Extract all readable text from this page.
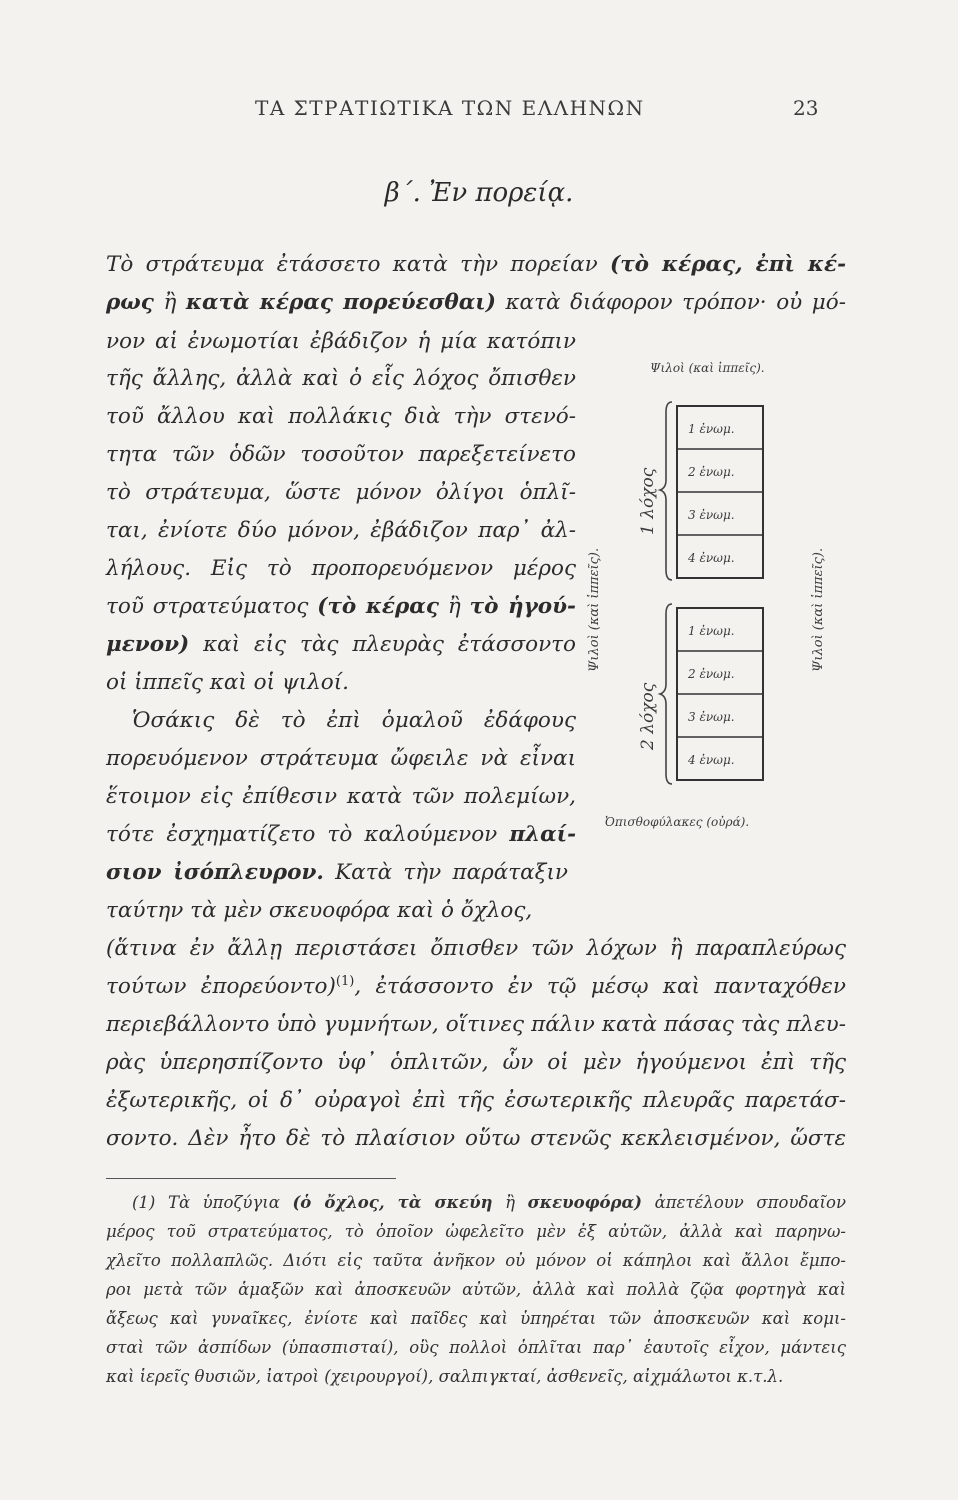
ΤΑ ΣΤΡΑΤΙΩΤΙΚΑ ΤΩΝ ΕΛΛΗΝΩΝ	23
β΄. Ἐν πορείᾳ.
Τὸ στράτευμα ἐτάσσετο κατὰ τὴν πορείαν (τὸ κέρας, ἐπὶ κέ-
ρως ἢ κατὰ κέρας πορεύεσθαι) κατὰ διάφορον τρόπον· οὐ μό-
νον αἱ ἐνωμοτίαι ἐβάδιζον ἡ μία κατόπιν
τῆς ἄλλης, ἀλλὰ καὶ ὁ εἷς λόχος ὄπισθεν
τοῦ ἄλλου καὶ πολλάκις διὰ τὴν στενό-
τητα τῶν ὁδῶν τοσοῦτον παρεξετείνετο
τὸ στράτευμα, ὥστε μόνον ὀλίγοι ὁπλῖ-
ται, ἐνίοτε δύο μόνον, ἐβάδιζον παρ᾽ ἀλ-
λήλους. Εἰς τὸ προπορευόμενον μέρος
τοῦ στρατεύματος (τὸ κέρας ἢ τὸ ἡγού-
μενον) καὶ εἰς τὰς πλευρὰς ἐτάσσοντο
οἱ ἱππεῖς καὶ οἱ ψιλοί.
Ὁσάκις δὲ τὸ ἐπὶ ὁμαλοῦ ἐδάφους
πορευόμενον στράτευμα ὤφειλε νὰ εἶναι
ἕτοιμον εἰς ἐπίθεσιν κατὰ τῶν πολεμίων,
τότε ἐσχηματίζετο τὸ καλούμενον πλαί-
σιον ἰσόπλευρον. Κατὰ τὴν παράταξιν
ταύτην τὰ μὲν σκευοφόρα καὶ ὁ ὄχλος,
(ἅτινα ἐν ἄλλῃ περιστάσει ὄπισθεν τῶν λόχων ἢ παραπλεύρως
τούτων ἐπορεύοντο)$^{(1)}$, ἐτάσσοντο ἐν τῷ μέσῳ καὶ πανταχόθεν
περιεβάλλοντο ὑπὸ γυμνήτων, οἵτινες πάλιν κατὰ πάσας τὰς πλευ-
ρὰς ὑπερησπίζοντο ὑφ᾽ ὁπλιτῶν, ὧν οἱ μὲν ἡγούμενοι ἐπὶ τῆς
ἐξωτερικῆς, οἱ δ᾽ οὐραγοὶ ἐπὶ τῆς ἐσωτερικῆς πλευρᾶς παρετάσ-
σοντο. Δὲν ἦτο δὲ τὸ πλαίσιον οὕτω στενῶς κεκλεισμένον, ὥστε
(1) Τὰ ὑποζύγια (ὁ ὄχλος, τὰ σκεύη ἢ σκευοφόρα) ἀπετέλουν σπουδαῖον
μέρος τοῦ στρατεύματος, τὸ ὁποῖον ὠφελεῖτο μὲν ἐξ αὐτῶν, ἀλλὰ καὶ παρηνω-
χλεῖτο πολλαπλῶς. Διότι εἰς ταῦτα ἀνῆκον οὐ μόνον οἱ κάπηλοι καὶ ἄλλοι ἔμπο-
ροι μετὰ τῶν ἁμαξῶν καὶ ἀποσκευῶν αὐτῶν, ἀλλὰ καὶ πολλὰ ζῷα φορτηγὰ καὶ
ἄξεως καὶ γυναῖκες, ἐνίοτε καὶ παῖδες καὶ ὑπηρέται τῶν ἀποσκευῶν καὶ κομι-
σταὶ τῶν ἀσπίδων (ὑπασπισταί), οὓς πολλοὶ ὁπλῖται παρ᾽ ἑαυτοῖς εἶχον, μάντεις
καὶ ἱερεῖς θυσιῶν, ἰατροὶ (χειρουργοί), σαλπιγκταί, ἀσθενεῖς, αἰχμάλωτοι κ.τ.λ.
Ψιλοὶ (καὶ ἱππεῖς).
Ψιλοὶ (καὶ ἱππεῖς).	Ψιλοὶ (καὶ ἱππεῖς).
1 λόχος
2 λόχος
1 ἐνωμ.
2 ἐνωμ.
3 ἐνωμ.
4 ἐνωμ.
1 ἐνωμ.
2 ἐνωμ.
3 ἐνωμ.
4 ἐνωμ.
Ὀπισθοφύλακες (οὐρά).
